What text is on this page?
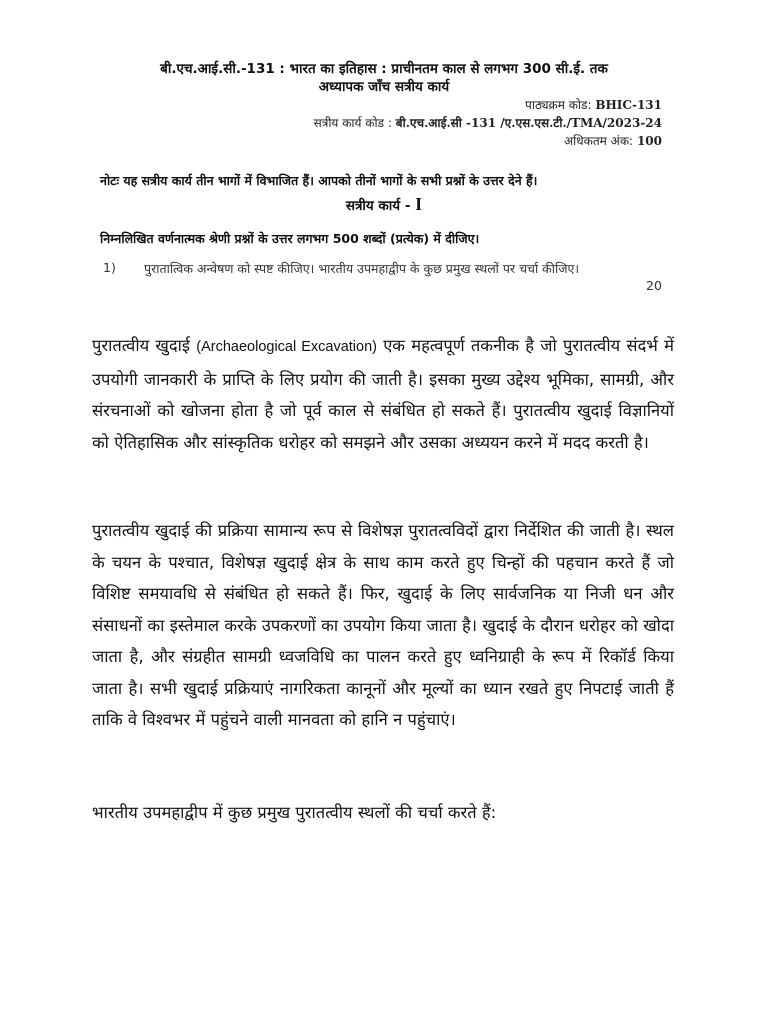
बी.एच.आई.सी.-131 : भारत का इतिहास : प्राचीनतम काल से लगभग 300 सी.ई. तक
अध्यापक जाँच सत्रीय कार्य
पाठ्यक्रम कोड: BHIC-131
सत्रीय कार्य कोड : बी.एच.आई.सी -131 /ए.एस.एस.टी./TMA/2023-24
अधिकतम अंक: 100
नोटः यह सत्रीय कार्य तीन भागों में विभाजित हैं। आपको तीनों भागों के सभी प्रश्नों के उत्तर देने हैं।
सत्रीय कार्य - I
निम्नलिखित वर्णनात्मक श्रेणी प्रश्नों के उत्तर लगभग 500 शब्दों (प्रत्येक) में दीजिए।
1) पुरातात्विक अन्वेषण को स्पष्ट कीजिए। भारतीय उपमहाद्वीप के कुछ प्रमुख स्थलों पर चर्चा कीजिए।
20
पुरातत्वीय खुदाई (Archaeological Excavation) एक महत्वपूर्ण तकनीक है जो पुरातत्वीय संदर्भ में उपयोगी जानकारी के प्राप्ति के लिए प्रयोग की जाती है। इसका मुख्य उद्देश्य भूमिका, सामग्री, और संरचनाओं को खोजना होता है जो पूर्व काल से संबंधित हो सकते हैं। पुरातत्वीय खुदाई विज्ञानियों को ऐतिहासिक और सांस्कृतिक धरोहर को समझने और उसका अध्ययन करने में मदद करती है।
पुरातत्वीय खुदाई की प्रक्रिया सामान्य रूप से विशेषज्ञ पुरातत्वविदों द्वारा निर्देशित की जाती है। स्थल के चयन के पश्चात, विशेषज्ञ खुदाई क्षेत्र के साथ काम करते हुए चिन्हों की पहचान करते हैं जो विशिष्ट समयावधि से संबंधित हो सकते हैं। फिर, खुदाई के लिए सार्वजनिक या निजी धन और संसाधनों का इस्तेमाल करके उपकरणों का उपयोग किया जाता है। खुदाई के दौरान धरोहर को खोदा जाता है, और संग्रहीत सामग्री ध्वजविधि का पालन करते हुए ध्वनिग्राही के रूप में रिकॉर्ड किया जाता है। सभी खुदाई प्रक्रियाएं नागरिकता कानूनों और मूल्यों का ध्यान रखते हुए निपटाई जाती हैं ताकि वे विश्वभर में पहुंचने वाली मानवता को हानि न पहुंचाएं।
भारतीय उपमहाद्वीप में कुछ प्रमुख पुरातत्वीय स्थलों की चर्चा करते हैं:
